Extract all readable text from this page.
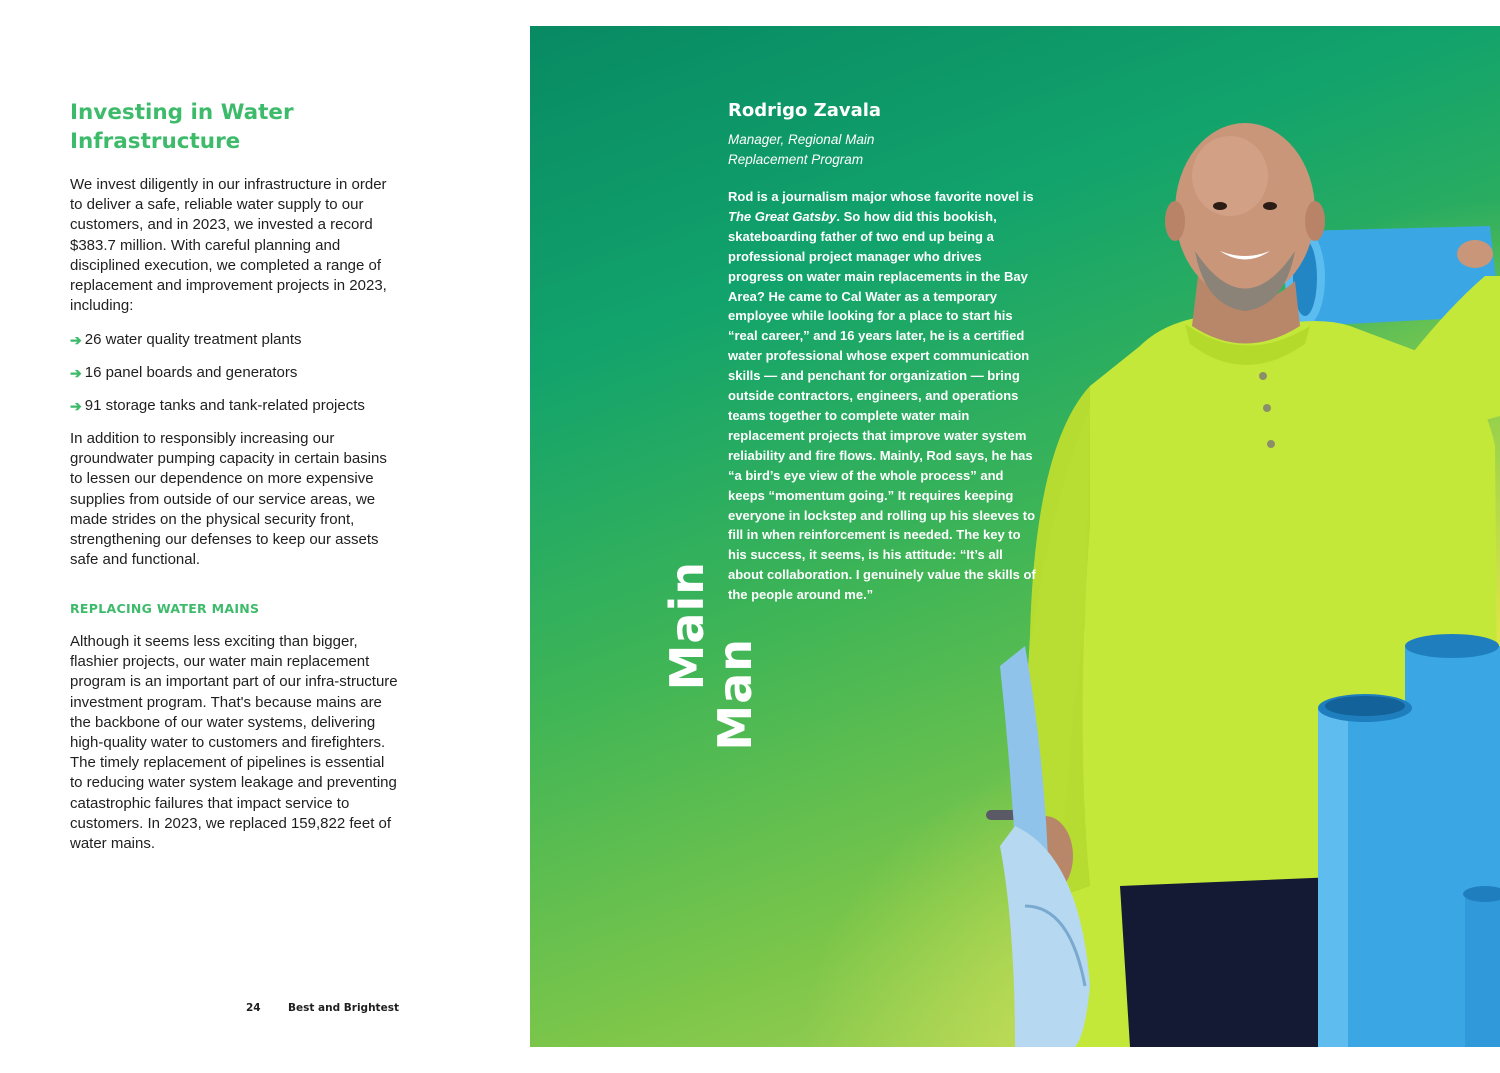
Investing in Water Infrastructure

We invest diligently in our infrastructure in order to deliver a safe, reliable water supply to our customers, and in 2023, we invested a record $383.7 million. With careful planning and disciplined execution, we completed a range of replacement and improvement projects in 2023, including:

➔ 26 water quality treatment plants
➔ 16 panel boards and generators
➔ 91 storage tanks and tank-related projects

In addition to responsibly increasing our groundwater pumping capacity in certain basins to lessen our dependence on more expensive supplies from outside of our service areas, we made strides on the physical security front, strengthening our defenses to keep our assets safe and functional.

REPLACING WATER MAINS

Although it seems less exciting than bigger, flashier projects, our water main replacement program is an important part of our infra-structure investment program. That's because mains are the backbone of our water systems, delivering high-quality water to customers and firefighters. The timely replacement of pipelines is essential to reducing water system leakage and preventing catastrophic failures that impact service to customers. In 2023, we replaced 159,822 feet of water mains.

24	Best and Brightest
Rodrigo Zavala

Manager, Regional Main
Replacement Program

Rod is a journalism major whose favorite novel is The Great Gatsby. So how did this bookish, skateboarding father of two end up being a professional project manager who drives progress on water main replacements in the Bay Area? He came to Cal Water as a temporary employee while looking for a place to start his “real career,” and 16 years later, he is a certified water professional whose expert communication skills — and penchant for organization — bring outside contractors, engineers, and operations teams together to complete water main replacement projects that improve water system reliability and fire flows. Mainly, Rod says, he has “a bird’s eye view of the whole process” and keeps “momentum going.” It requires keeping everyone in lockstep and rolling up his sleeves to fill in when reinforcement is needed. The key to his success, it seems, is his attitude: “It’s all about collaboration. I genuinely value the skills of the people around me.”

Main
Man
